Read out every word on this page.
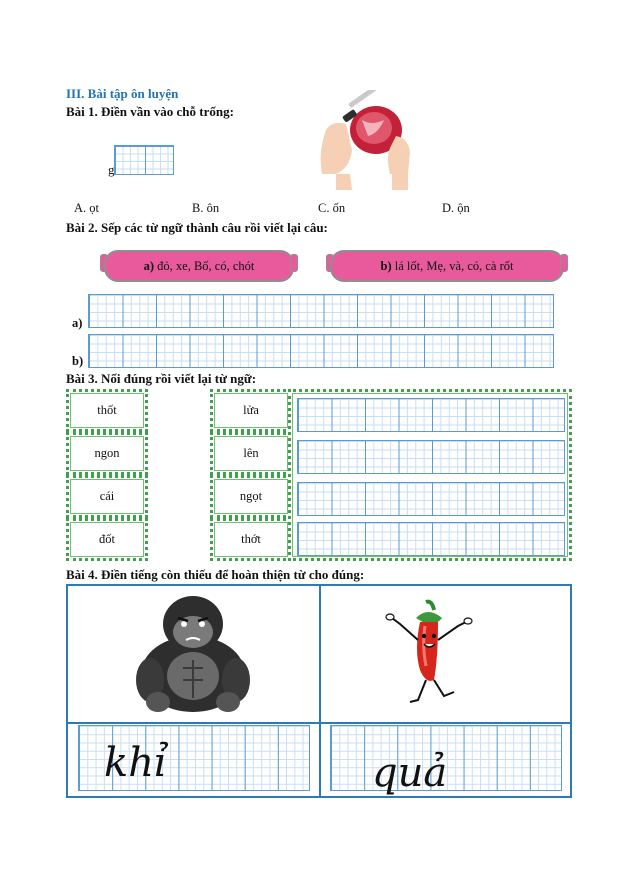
III. Bài tập ôn luyện
Bài 1. Điền vần vào chỗ trống:
g
A. ọt	B. ôn	C. ốn	D. ộn
Bài 2. Sếp các từ ngữ thành câu rồi viết lại câu:
a) đỏ, xe, Bố, có, chót	b) lá lốt, Mẹ, và, có, cà rốt
a)
b)
Bài 3. Nối đúng rồi viết lại từ ngữ:
thốt
ngon
cái
đốt
lửa
lên
ngọt
thớt
Bài 4. Điền tiếng còn thiếu để hoàn thiện từ cho đúng:
khỉ	quả
